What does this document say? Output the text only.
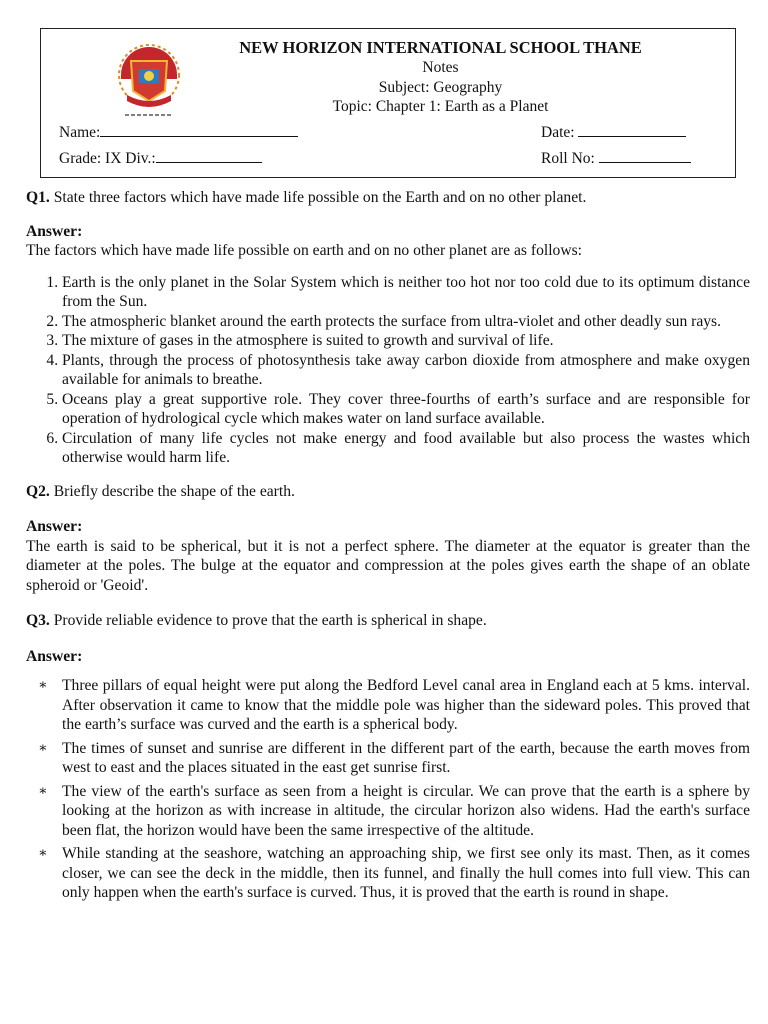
NEW HORIZON INTERNATIONAL SCHOOL THANE
Notes
Subject: Geography
Topic: Chapter 1: Earth as a Planet
Name:	Date:
Grade: IX Div.:	Roll No:

Q1. State three factors which have made life possible on the Earth and on no other planet.

Answer:

The factors which have made life possible on earth and on no other planet are as follows:

1. Earth is the only planet in the Solar System which is neither too hot nor too cold due to its optimum distance from the Sun.
2. The atmospheric blanket around the earth protects the surface from ultra-violet and other deadly sun rays.
3. The mixture of gases in the atmosphere is suited to growth and survival of life.
4. Plants, through the process of photosynthesis take away carbon dioxide from atmosphere and make oxygen available for animals to breathe.
5. Oceans play a great supportive role. They cover three-fourths of earth’s surface and are responsible for operation of hydrological cycle which makes water on land surface available.
6. Circulation of many life cycles not make energy and food available but also process the wastes which otherwise would harm life.

Q2. Briefly describe the shape of the earth.

Answer:

The earth is said to be spherical, but it is not a perfect sphere. The diameter at the equator is greater than the diameter at the poles. The bulge at the equator and compression at the poles gives earth the shape of an oblate spheroid or 'Geoid'.

Q3. Provide reliable evidence to prove that the earth is spherical in shape.

Answer:

∗ Three pillars of equal height were put along the Bedford Level canal area in England each at 5 kms. interval. After observation it came to know that the middle pole was higher than the sideward poles. This proved that the earth’s surface was curved and the earth is a spherical body.
∗ The times of sunset and sunrise are different in the different part of the earth, because the earth moves from west to east and the places situated in the east get sunrise first.
∗ The view of the earth's surface as seen from a height is circular. We can prove that the earth is a sphere by looking at the horizon as with increase in altitude, the circular horizon also widens. Had the earth's surface been flat, the horizon would have been the same irrespective of the altitude.
∗ While standing at the seashore, watching an approaching ship, we first see only its mast. Then, as it comes closer, we can see the deck in the middle, then its funnel, and finally the hull comes into full view. This can only happen when the earth's surface is curved. Thus, it is proved that the earth is round in shape.
